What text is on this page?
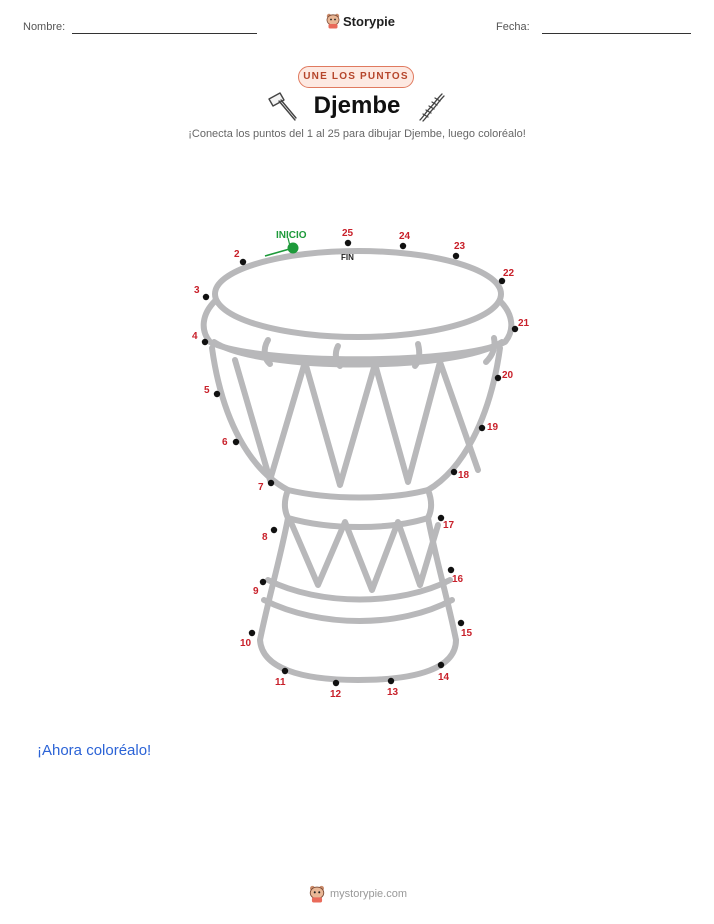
Nombre:	Storypie	Fecha:
UNE LOS PUNTOS
Djembe
¡Conecta los puntos del 1 al 25 para dibujar Djembe, luego coloréalo!
2
3
4
5
6
7
8
9
10
11
12	13
14
15
16
17
18
19
20
21
22
23
24
25
INICIO
FIN
¡Ahora coloréalo!
mystorypie.com
